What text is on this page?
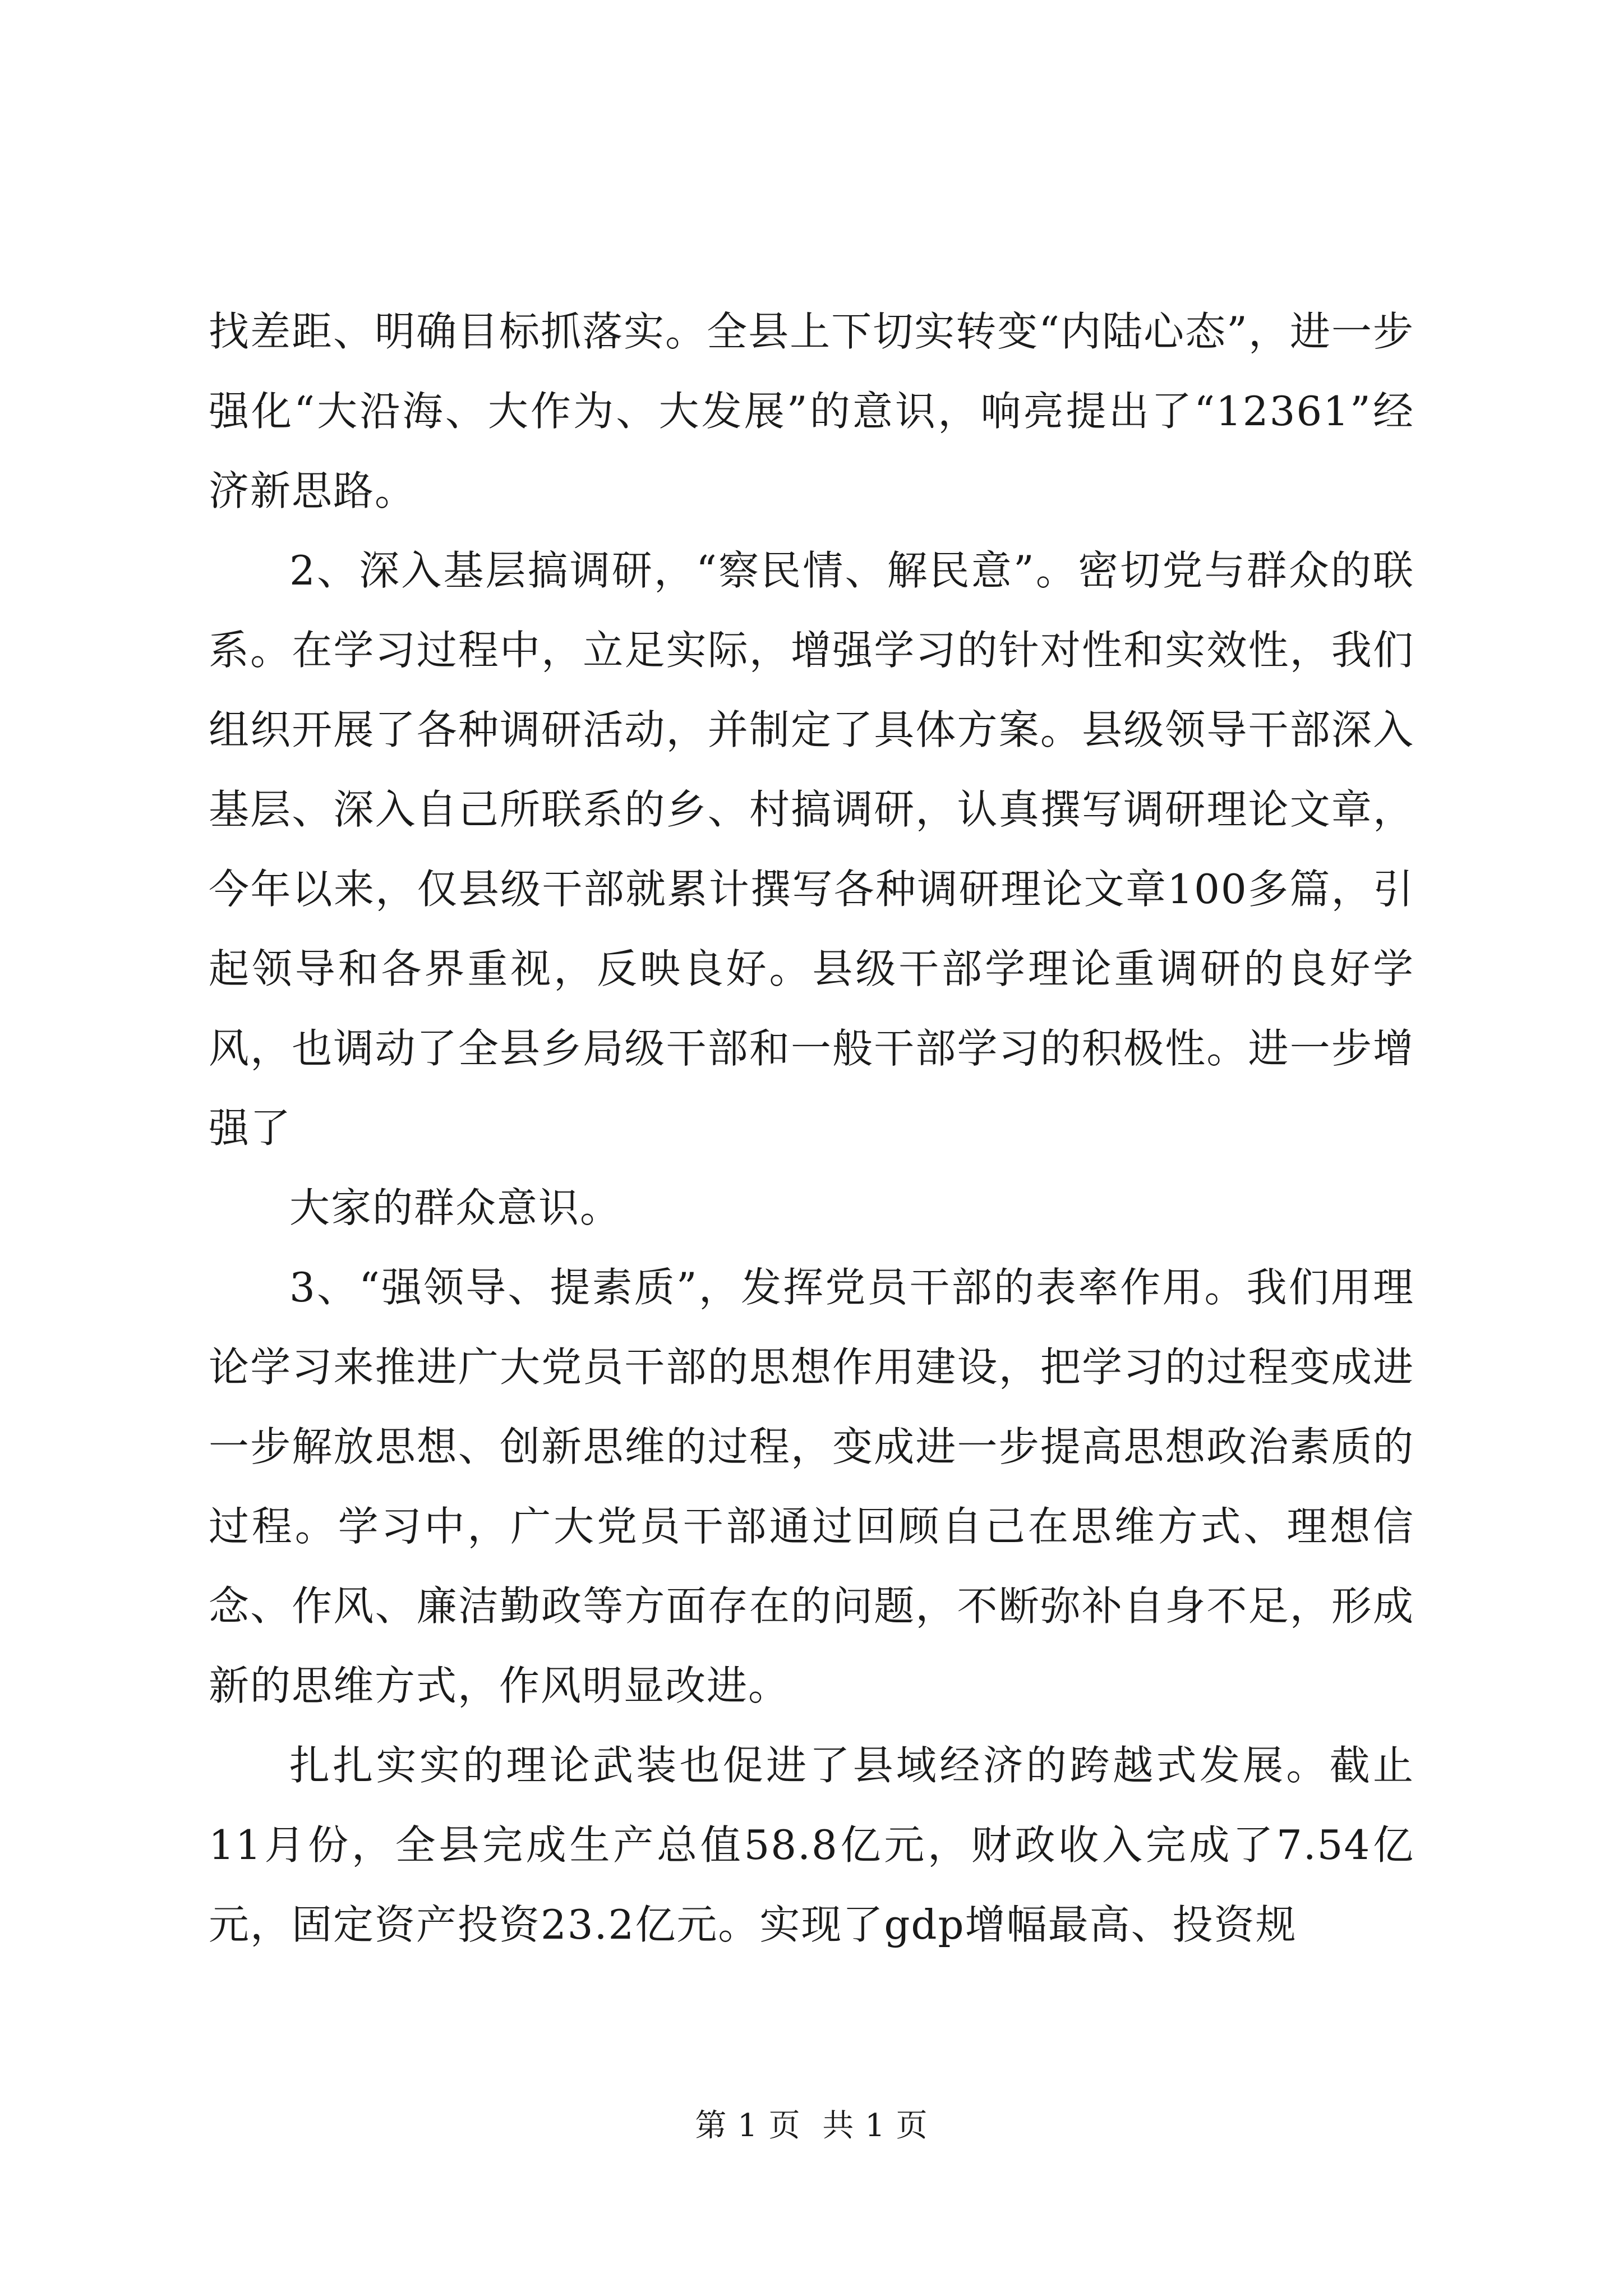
找差距、明确目标抓落实。全县上下切实转变“内陆心态”，进一步强化“大沿海、大作为、大发展”的意识，响亮提出了“12361”经济新思路。

2、深入基层搞调研，“察民情、解民意”。密切党与群众的联系。在学习过程中，立足实际，增强学习的针对性和实效性，我们组织开展了各种调研活动，并制定了具体方案。县级领导干部深入基层、深入自己所联系的乡、村搞调研，认真撰写调研理论文章，今年以来，仅县级干部就累计撰写各种调研理论文章100多篇，引起领导和各界重视，反映良好。县级干部学理论重调研的良好学风，也调动了全县乡局级干部和一般干部学习的积极性。进一步增强了

大家的群众意识。

3、“强领导、提素质”，发挥党员干部的表率作用。我们用理论学习来推进广大党员干部的思想作用建设，把学习的过程变成进一步解放思想、创新思维的过程，变成进一步提高思想政治素质的过程。学习中，广大党员干部通过回顾自己在思维方式、理想信念、作风、廉洁勤政等方面存在的问题，不断弥补自身不足，形成新的思维方式，作风明显改进。

扎扎实实的理论武装也促进了县域经济的跨越式发展。截止11月份，全县完成生产总值58.8亿元，财政收入完成了7.54亿元，固定资产投资23.2亿元。实现了gdp增幅最高、投资规

第 1 页 共 1 页
